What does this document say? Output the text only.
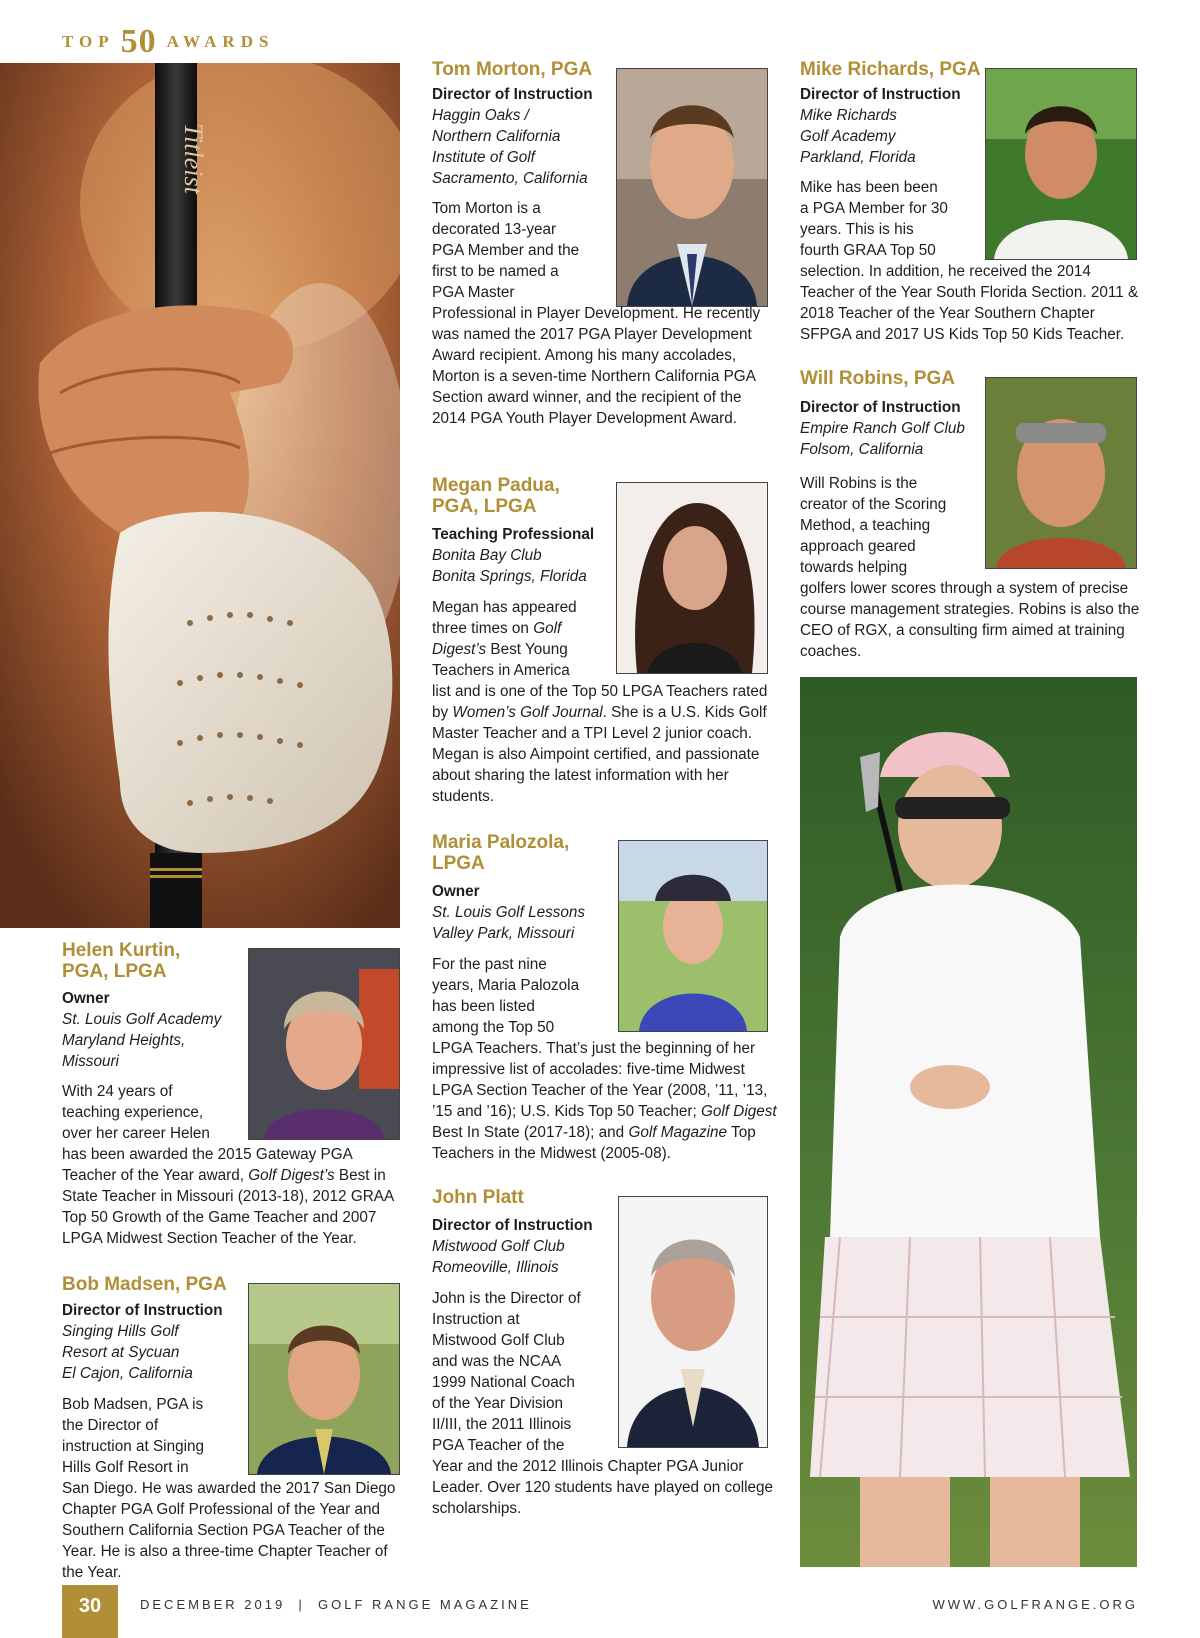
TOP 50 AWARDS
Titleist
Tom Morton, PGA
Director of Instruction
Haggin Oaks /
Northern California
Institute of Golf
Sacramento, California
Tom Morton is a decorated 13-year PGA Member and the first to be named a PGA Master Professional in Player Development. He recently was named the 2017 PGA Player Development Award recipient. Among his many accolades, Morton is a seven-time Northern California PGA Section award winner, and the recipient of the 2014 PGA Youth Player Development Award.
Megan Padua, PGA, LPGA
Teaching Professional
Bonita Bay Club
Bonita Springs, Florida
Megan has appeared three times on Golf Digest’s Best Young Teachers in America list and is one of the Top 50 LPGA Teachers rated by Women’s Golf Journal. She is a U.S. Kids Golf Master Teacher and a TPI Level 2 junior coach. Megan is also Aimpoint certified, and passionate about sharing the latest information with her students.
Maria Palozola, LPGA
Owner
St. Louis Golf Lessons
Valley Park, Missouri
For the past nine years, Maria Palozola has been listed among the Top 50 LPGA Teachers. That’s just the beginning of her impressive list of accolades: five-time Midwest LPGA Section Teacher of the Year (2008, ’11, ’13, ’15 and ’16); U.S. Kids Top 50 Teacher; Golf Digest Best In State (2017-18); and Golf Magazine Top Teachers in the Midwest (2005-08).
John Platt
Director of Instruction
Mistwood Golf Club
Romeoville, Illinois
John is the Director of Instruction at Mistwood Golf Club and was the NCAA 1999 National Coach of the Year Division II/III, the 2011 Illinois PGA Teacher of the Year and the 2012 Illinois Chapter PGA Junior Leader. Over 120 students have played on college scholarships.
Mike Richards, PGA
Director of Instruction
Mike Richards
Golf Academy
Parkland, Florida
Mike has been been a PGA Member for 30 years. This is his fourth GRAA Top 50 selection. In addition, he received the 2014 Teacher of the Year South Florida Section. 2011 & 2018 Teacher of the Year Southern Chapter SFPGA and 2017 US Kids Top 50 Kids Teacher.
Will Robins, PGA
Director of Instruction
Empire Ranch Golf Club
Folsom, California
Will Robins is the creator of the Scoring Method, a teaching approach geared towards helping golfers lower scores through a system of precise course management strategies. Robins is also the CEO of RGX, a consulting firm aimed at training coaches.
Helen Kurtin, PGA, LPGA
Owner
St. Louis Golf Academy
Maryland Heights,
Missouri
With 24 years of teaching experience, over her career Helen has been awarded the 2015 Gateway PGA Teacher of the Year award, Golf Digest’s Best in State Teacher in Missouri (2013-18), 2012 GRAA Top 50 Growth of the Game Teacher and 2007 LPGA Midwest Section Teacher of the Year.
Bob Madsen, PGA
Director of Instruction
Singing Hills Golf
Resort at Sycuan
El Cajon, California
Bob Madsen, PGA is the Director of instruction at Singing Hills Golf Resort in San Diego. He was awarded the 2017 San Diego Chapter PGA Golf Professional of the Year and Southern California Section PGA Teacher of the Year. He is also a three-time Chapter Teacher of the Year.
30	DECEMBER 2019  |  GOLF RANGE MAGAZINE	WWW.GOLFRANGE.ORG
